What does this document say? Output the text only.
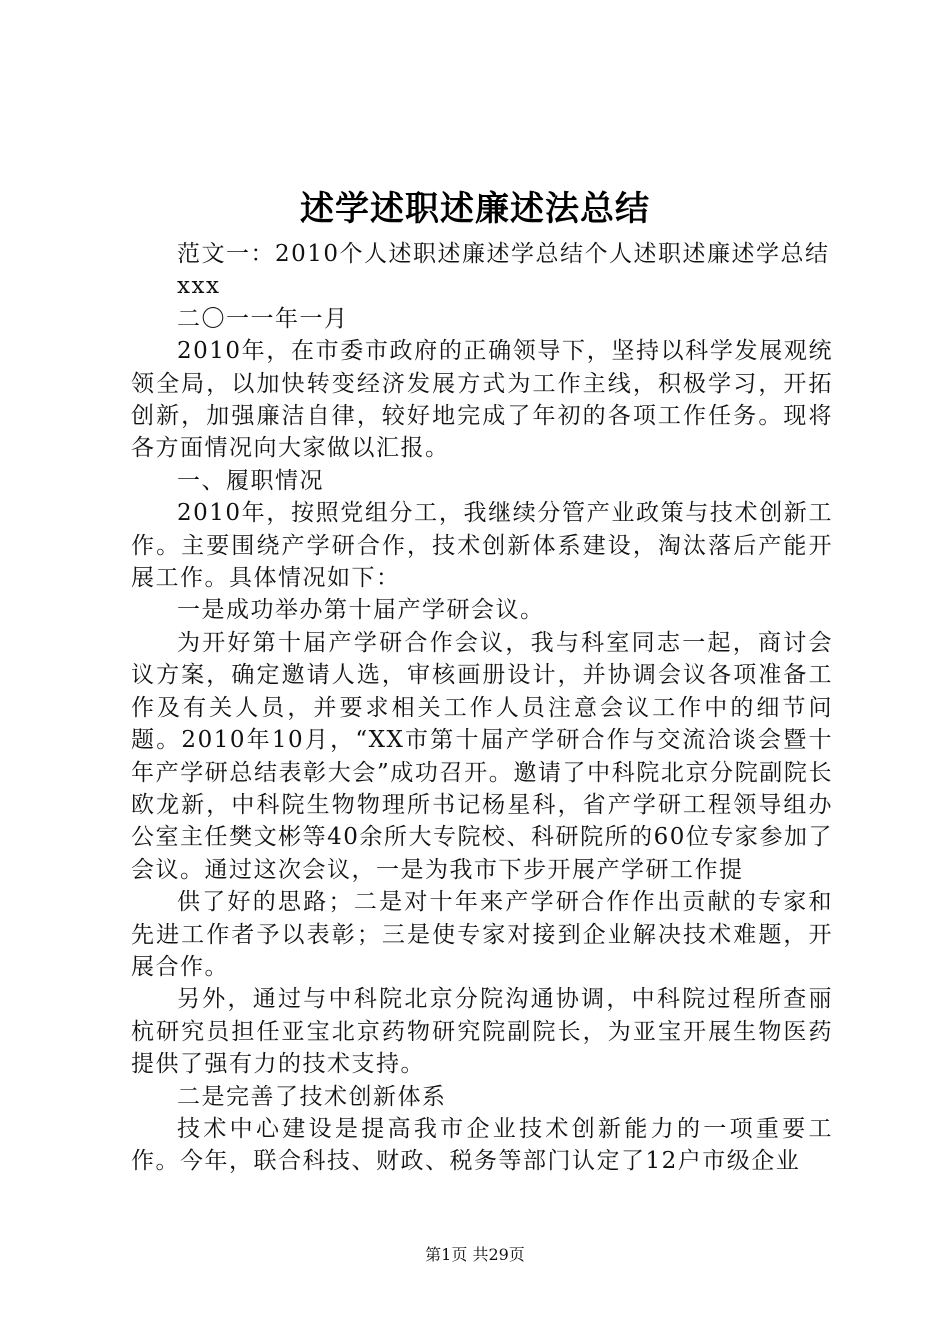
述学述职述廉述法总结

范文一：2010个人述职述廉述学总结个人述职述廉述学总结

xxx

二〇一一年一月

2010年，在市委市政府的正确领导下，坚持以科学发展观统领全局，以加快转变经济发展方式为工作主线，积极学习，开拓创新，加强廉洁自律，较好地完成了年初的各项工作任务。现将各方面情况向大家做以汇报。

一、履职情况

2010年，按照党组分工，我继续分管产业政策与技术创新工作。主要围绕产学研合作，技术创新体系建设，淘汰落后产能开展工作。具体情况如下：

一是成功举办第十届产学研会议。

为开好第十届产学研合作会议，我与科室同志一起，商讨会议方案，确定邀请人选，审核画册设计，并协调会议各项准备工作及有关人员，并要求相关工作人员注意会议工作中的细节问题。2010年10月，“XX市第十届产学研合作与交流洽谈会暨十年产学研总结表彰大会”成功召开。邀请了中科院北京分院副院长欧龙新，中科院生物物理所书记杨星科，省产学研工程领导组办公室主任樊文彬等40余所大专院校、科研院所的60位专家参加了会议。通过这次会议，一是为我市下步开展产学研工作提

供了好的思路；二是对十年来产学研合作作出贡献的专家和先进工作者予以表彰；三是使专家对接到企业解决技术难题，开展合作。

另外，通过与中科院北京分院沟通协调，中科院过程所查丽杭研究员担任亚宝北京药物研究院副院长，为亚宝开展生物医药提供了强有力的技术支持。

二是完善了技术创新体系

技术中心建设是提高我市企业技术创新能力的一项重要工作。今年，联合科技、财政、税务等部门认定了12户市级企业

第1页 共29页
